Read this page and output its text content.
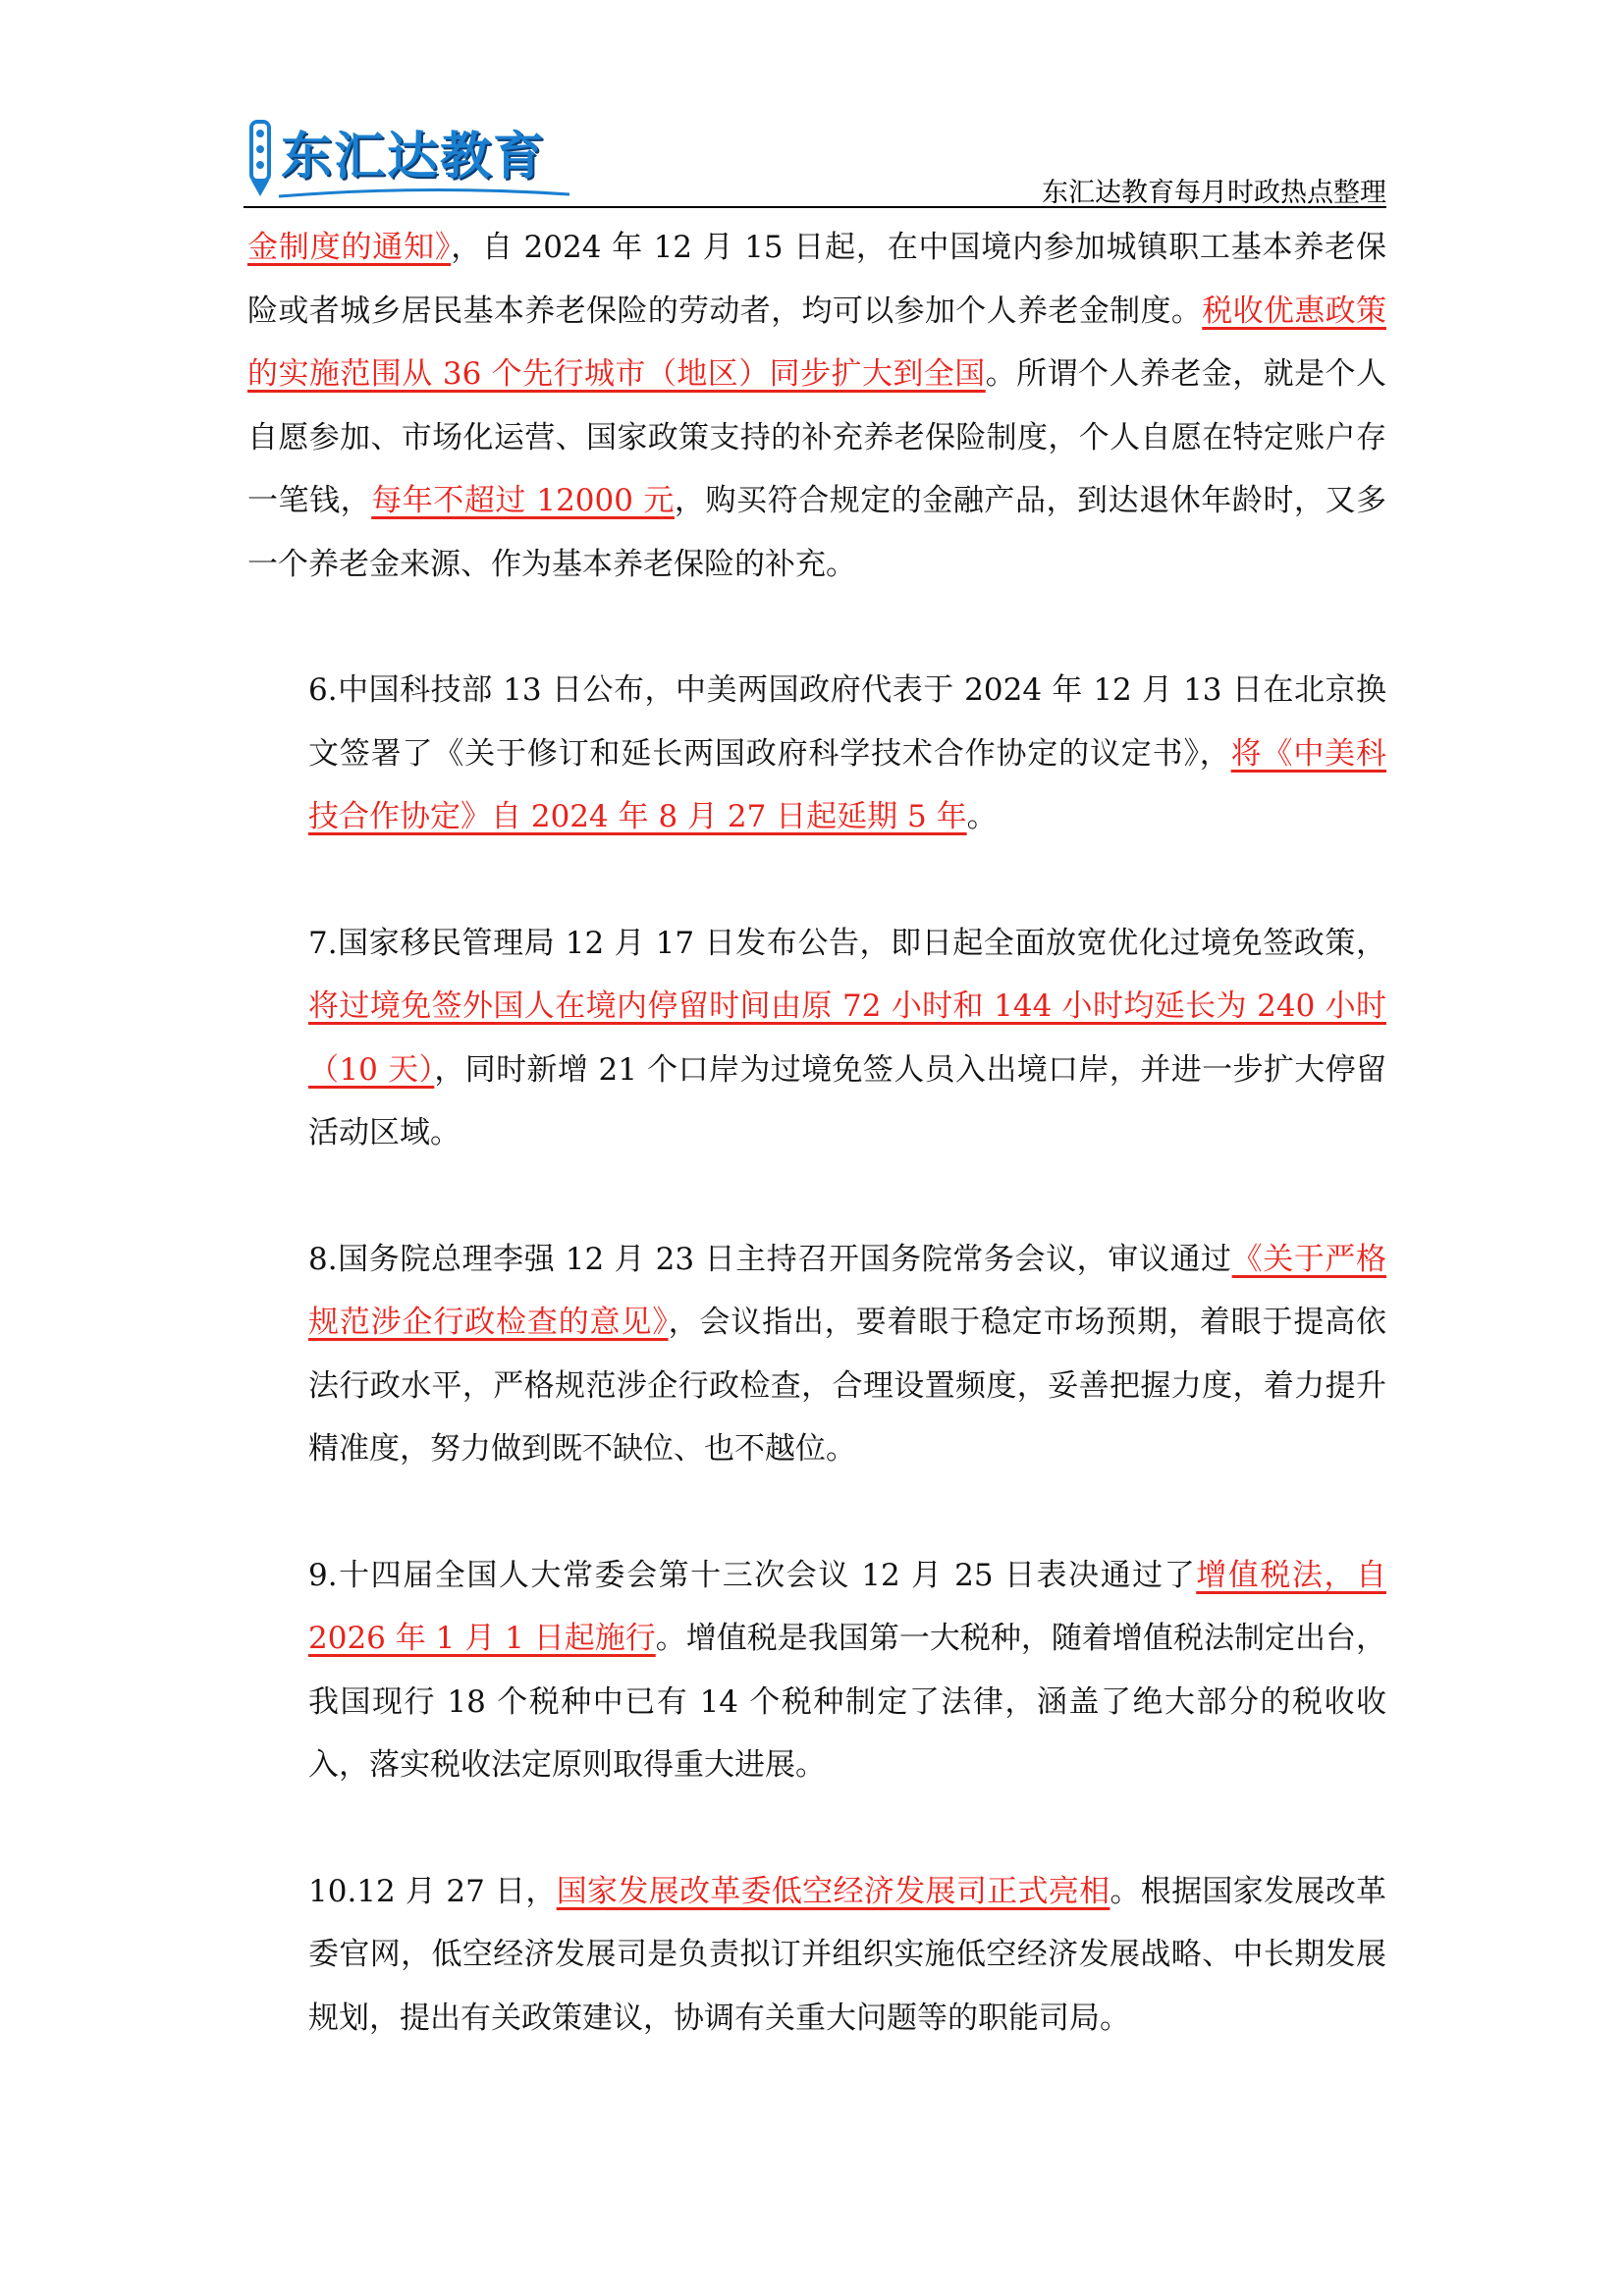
东汇达教育
东汇达教育每月时政热点整理

金制度的通知》，自 2024 年 12 月 15 日起，在中国境内参加城镇职工基本养老保险或者城乡居民基本养老保险的劳动者，均可以参加个人养老金制度。税收优惠政策的实施范围从 36 个先行城市（地区）同步扩大到全国。所谓个人养老金，就是个人自愿参加、市场化运营、国家政策支持的补充养老保险制度，个人自愿在特定账户存一笔钱，每年不超过 12000 元，购买符合规定的金融产品，到达退休年龄时，又多一个养老金来源、作为基本养老保险的补充。

6.中国科技部 13 日公布，中美两国政府代表于 2024 年 12 月 13 日在北京换文签署了《关于修订和延长两国政府科学技术合作协定的议定书》，将《中美科技合作协定》自 2024 年 8 月 27 日起延期 5 年。

7.国家移民管理局 12 月 17 日发布公告，即日起全面放宽优化过境免签政策，将过境免签外国人在境内停留时间由原 72 小时和 144 小时均延长为 240 小时（10 天），同时新增 21 个口岸为过境免签人员入出境口岸，并进一步扩大停留活动区域。

8.国务院总理李强 12 月 23 日主持召开国务院常务会议，审议通过《关于严格规范涉企行政检查的意见》，会议指出，要着眼于稳定市场预期，着眼于提高依法行政水平，严格规范涉企行政检查，合理设置频度，妥善把握力度，着力提升精准度，努力做到既不缺位、也不越位。

9.十四届全国人大常委会第十三次会议 12 月 25 日表决通过了增值税法，自 2026 年 1 月 1 日起施行。增值税是我国第一大税种，随着增值税法制定出台，我国现行 18 个税种中已有 14 个税种制定了法律，涵盖了绝大部分的税收收入，落实税收法定原则取得重大进展。

10.12 月 27 日，国家发展改革委低空经济发展司正式亮相。根据国家发展改革委官网，低空经济发展司是负责拟订并组织实施低空经济发展战略、中长期发展规划，提出有关政策建议，协调有关重大问题等的职能司局。
